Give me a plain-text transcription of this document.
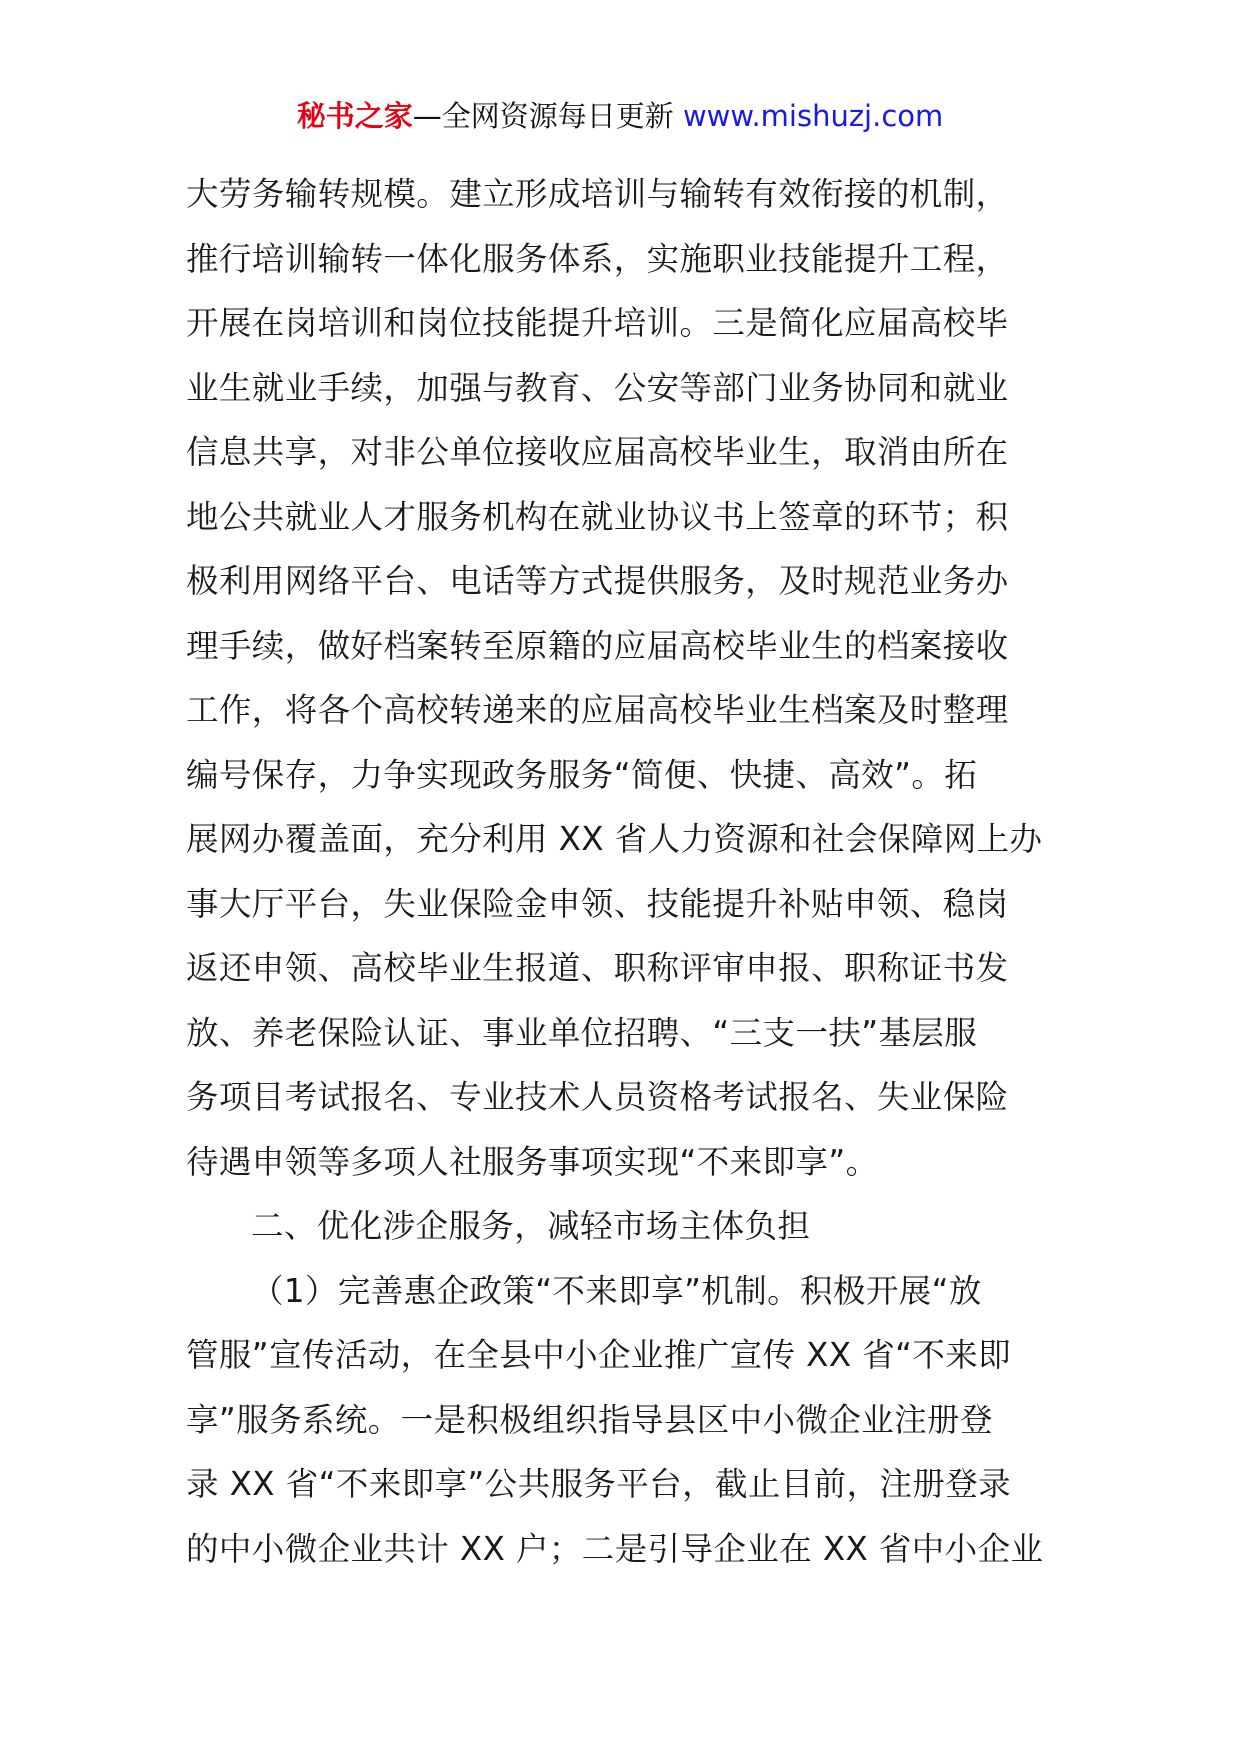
秘书之家—全网资源每日更新 www.mishuzj.com
大劳务输转规模。建立形成培训与输转有效衔接的机制，
推行培训输转一体化服务体系，实施职业技能提升工程，
开展在岗培训和岗位技能提升培训。三是简化应届高校毕
业生就业手续，加强与教育、公安等部门业务协同和就业
信息共享，对非公单位接收应届高校毕业生，取消由所在
地公共就业人才服务机构在就业协议书上签章的环节；积
极利用网络平台、电话等方式提供服务，及时规范业务办
理手续，做好档案转至原籍的应届高校毕业生的档案接收
工作，将各个高校转递来的应届高校毕业生档案及时整理
编号保存，力争实现政务服务“简便、快捷、高效”。拓
展网办覆盖面，充分利用 XX 省人力资源和社会保障网上办
事大厅平台，失业保险金申领、技能提升补贴申领、稳岗
返还申领、高校毕业生报道、职称评审申报、职称证书发
放、养老保险认证、事业单位招聘、“三支一扶”基层服
务项目考试报名、专业技术人员资格考试报名、失业保险
待遇申领等多项人社服务事项实现“不来即享”。
二、优化涉企服务，减轻市场主体负担
（1）完善惠企政策“不来即享”机制。积极开展“放
管服”宣传活动，在全县中小企业推广宣传 XX 省“不来即
享”服务系统。一是积极组织指导县区中小微企业注册登
录 XX 省“不来即享”公共服务平台，截止目前，注册登录
的中小微企业共计 XX 户；二是引导企业在 XX 省中小企业
